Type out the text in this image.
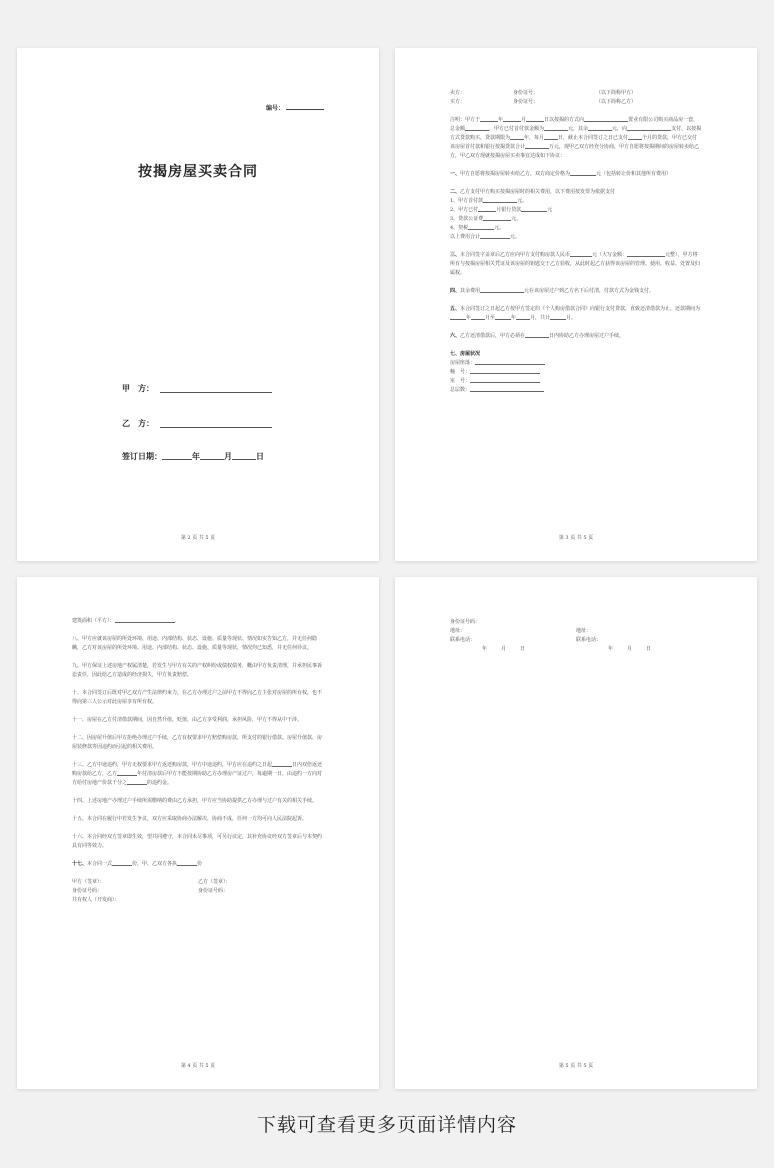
编号：
按揭房屋买卖合同
甲　方：
乙　方：
签订日期：	年	月	日
第 2 页 共 5 页

卖方：	身份证号：	（以下简称甲方）

买方：	身份证号：	（以下简称乙方）

注明：甲方于	年	月	日以按揭的方式向	置业有限公司购买商品房一套，总金额	，甲方已付首付款金额为	元，其余	元，向	支付，以按揭方式贷款购买，贷款期限为	年，每月	日，截止本合同签订之日已支付	个月的贷款，甲方已交付该房屋首付款和银行按揭贷款合计	万元，现甲乙双方经充分协商，甲方自愿将按揭期间的房屋转卖给乙方，甲乙双方现就按揭房屋买卖事宜达成如下协议：

一、甲方自愿将按揭房屋转卖给乙方，双方商定价格为	元（包括转让价和其他所有费用）

二、乙方支付甲方购买按揭房屋时的相关费用，以下费用按发票为依据支付

1、甲方首付款	元。

2、甲方已付	月银行贷款	元

3、贷款公证费	元。

4、契税	元。

以上费用合计	元。

三、本合同签字盖章后乙方应向甲方支付购房款人民币	元（大写金额：	元整），甲方将所有与按揭房屋相关凭证及该房屋的钥匙交于乙方验收，从此时起乙方获得该房屋的管理、使用、收益、处置及归属权。

四、其余费用	元在该房屋过户到乙方名下后付清，付款方式为金钱支付。

五、本合同签订之日起乙方按甲方签定的《个人购房借款合同》向银行支付贷款，直致还清借款为止，还款期间为年	月至	年	月，共计	月。

六、乙方还清借款后，甲方必须在	日内协助乙方办理房屋过户手续。

七、房屋状况

房屋座落：

幢　号：

室　号：

总层数：

第 3 页 共 5 页

建筑面积（平方）：	.

八、甲方应就该房屋的所处环境、用途、内部结构、状态、设施、质量等现状、情况如实告知乙方，并无任何隐瞒，乙方对该房屋的所处环境、用途、内部结构、状态、设施、质量等现状、情况均已知悉，并无任何异议。

九、甲方保证上述房地产权属清楚，若发生与甲方有关的产权纠纷或债权债务，概由甲方负责清理，并承担民事诉讼责任，因此给乙方造成的经济损失，甲方负责赔偿。

十、本合同签订后既对甲乙双方产生法律约束力，在乙方办理过户之前甲方不得向乙方主张对房屋的所有权，也不得向第三人公示对此房屋享有所有权。

十一、房屋在乙方付清借款期间，因自然升值，贬值，由乙方享受利润，承担风险，甲方不得从中干涉。

十二、因房屋升值后甲方拒绝办理过户手续，乙方有权要求甲方赔偿购房款，所支付的银行借款、房屋升值款、房屋装修款等因违约而引起的相关费用。

十三、乙方中途违约，甲方无权要求甲方返还购房款，甲方中途违约，甲方应在违约之日起	日内双倍返还购房款给乙方，乙方	年付清房款后甲方不能按期协助乙方办理房产证过户，每逾期一日，由违约一方向对方给付房地产价款千分之	的违约金。

十四、上述房地产办理过户手续所需缴纳的费由乙方承担，甲方应当协助提供乙方办理与过户有关的相关手续。

十五、本合同在履行中若发生争议，双方应采取协商办法解决，协商不成，任何一方均可向人民法院起诉。

十六、本合同经双方签章即生效，望共同遵守，本合同未尽事项，可另行议定，其补充协议经双方签章后与本契约具有同等效力。

十七、本合同一式	份，甲、乙双方各执	份

甲方（签章）：	乙方（签章）：
身份证号码：	身份证号码：

共有权人（开发商）：

第 4 页 共 5 页

身份证号码：

地址：	地址：
联系电话：	联系电话：
年	月	日	年	月	日
第 5 页 共 5 页
下载可查看更多页面详情内容
